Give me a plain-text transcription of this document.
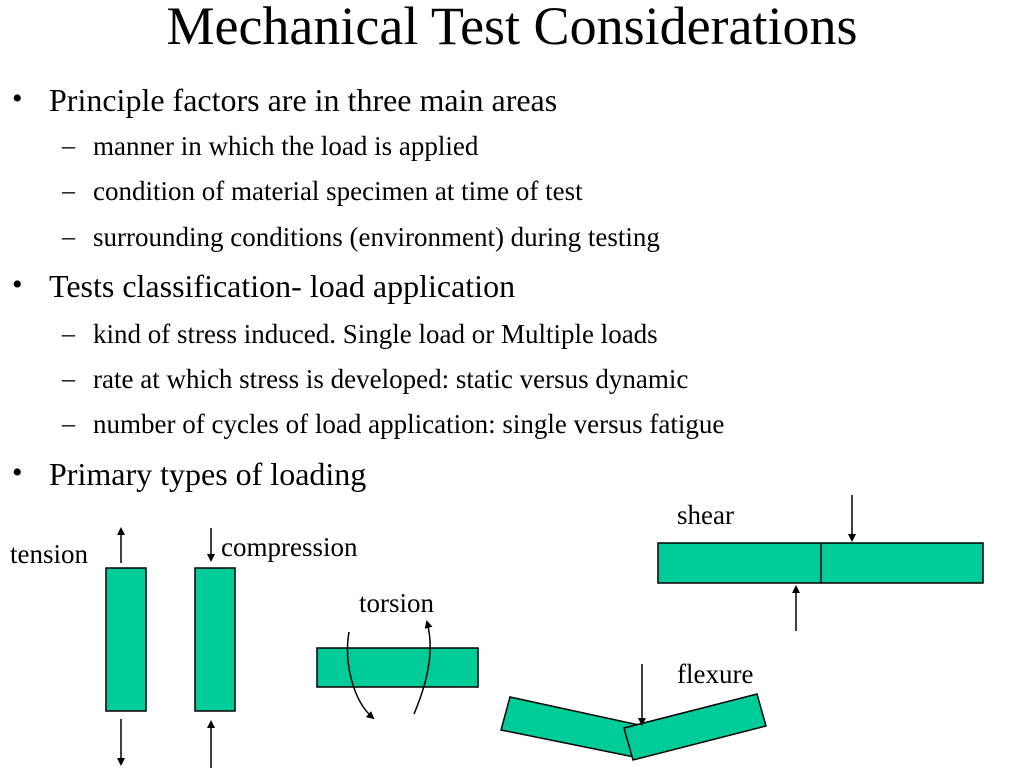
Mechanical Test Considerations
• Principle factors are in three main areas
– manner in which the load is applied
– condition of material specimen at time of test
– surrounding conditions (environment) during testing
• Tests classification- load application
– kind of stress induced. Single load or Multiple loads
– rate at which stress is developed: static versus dynamic
– number of cycles of load application: single versus fatigue
• Primary types of loading
tension	compression
torsion
shear
flexure
